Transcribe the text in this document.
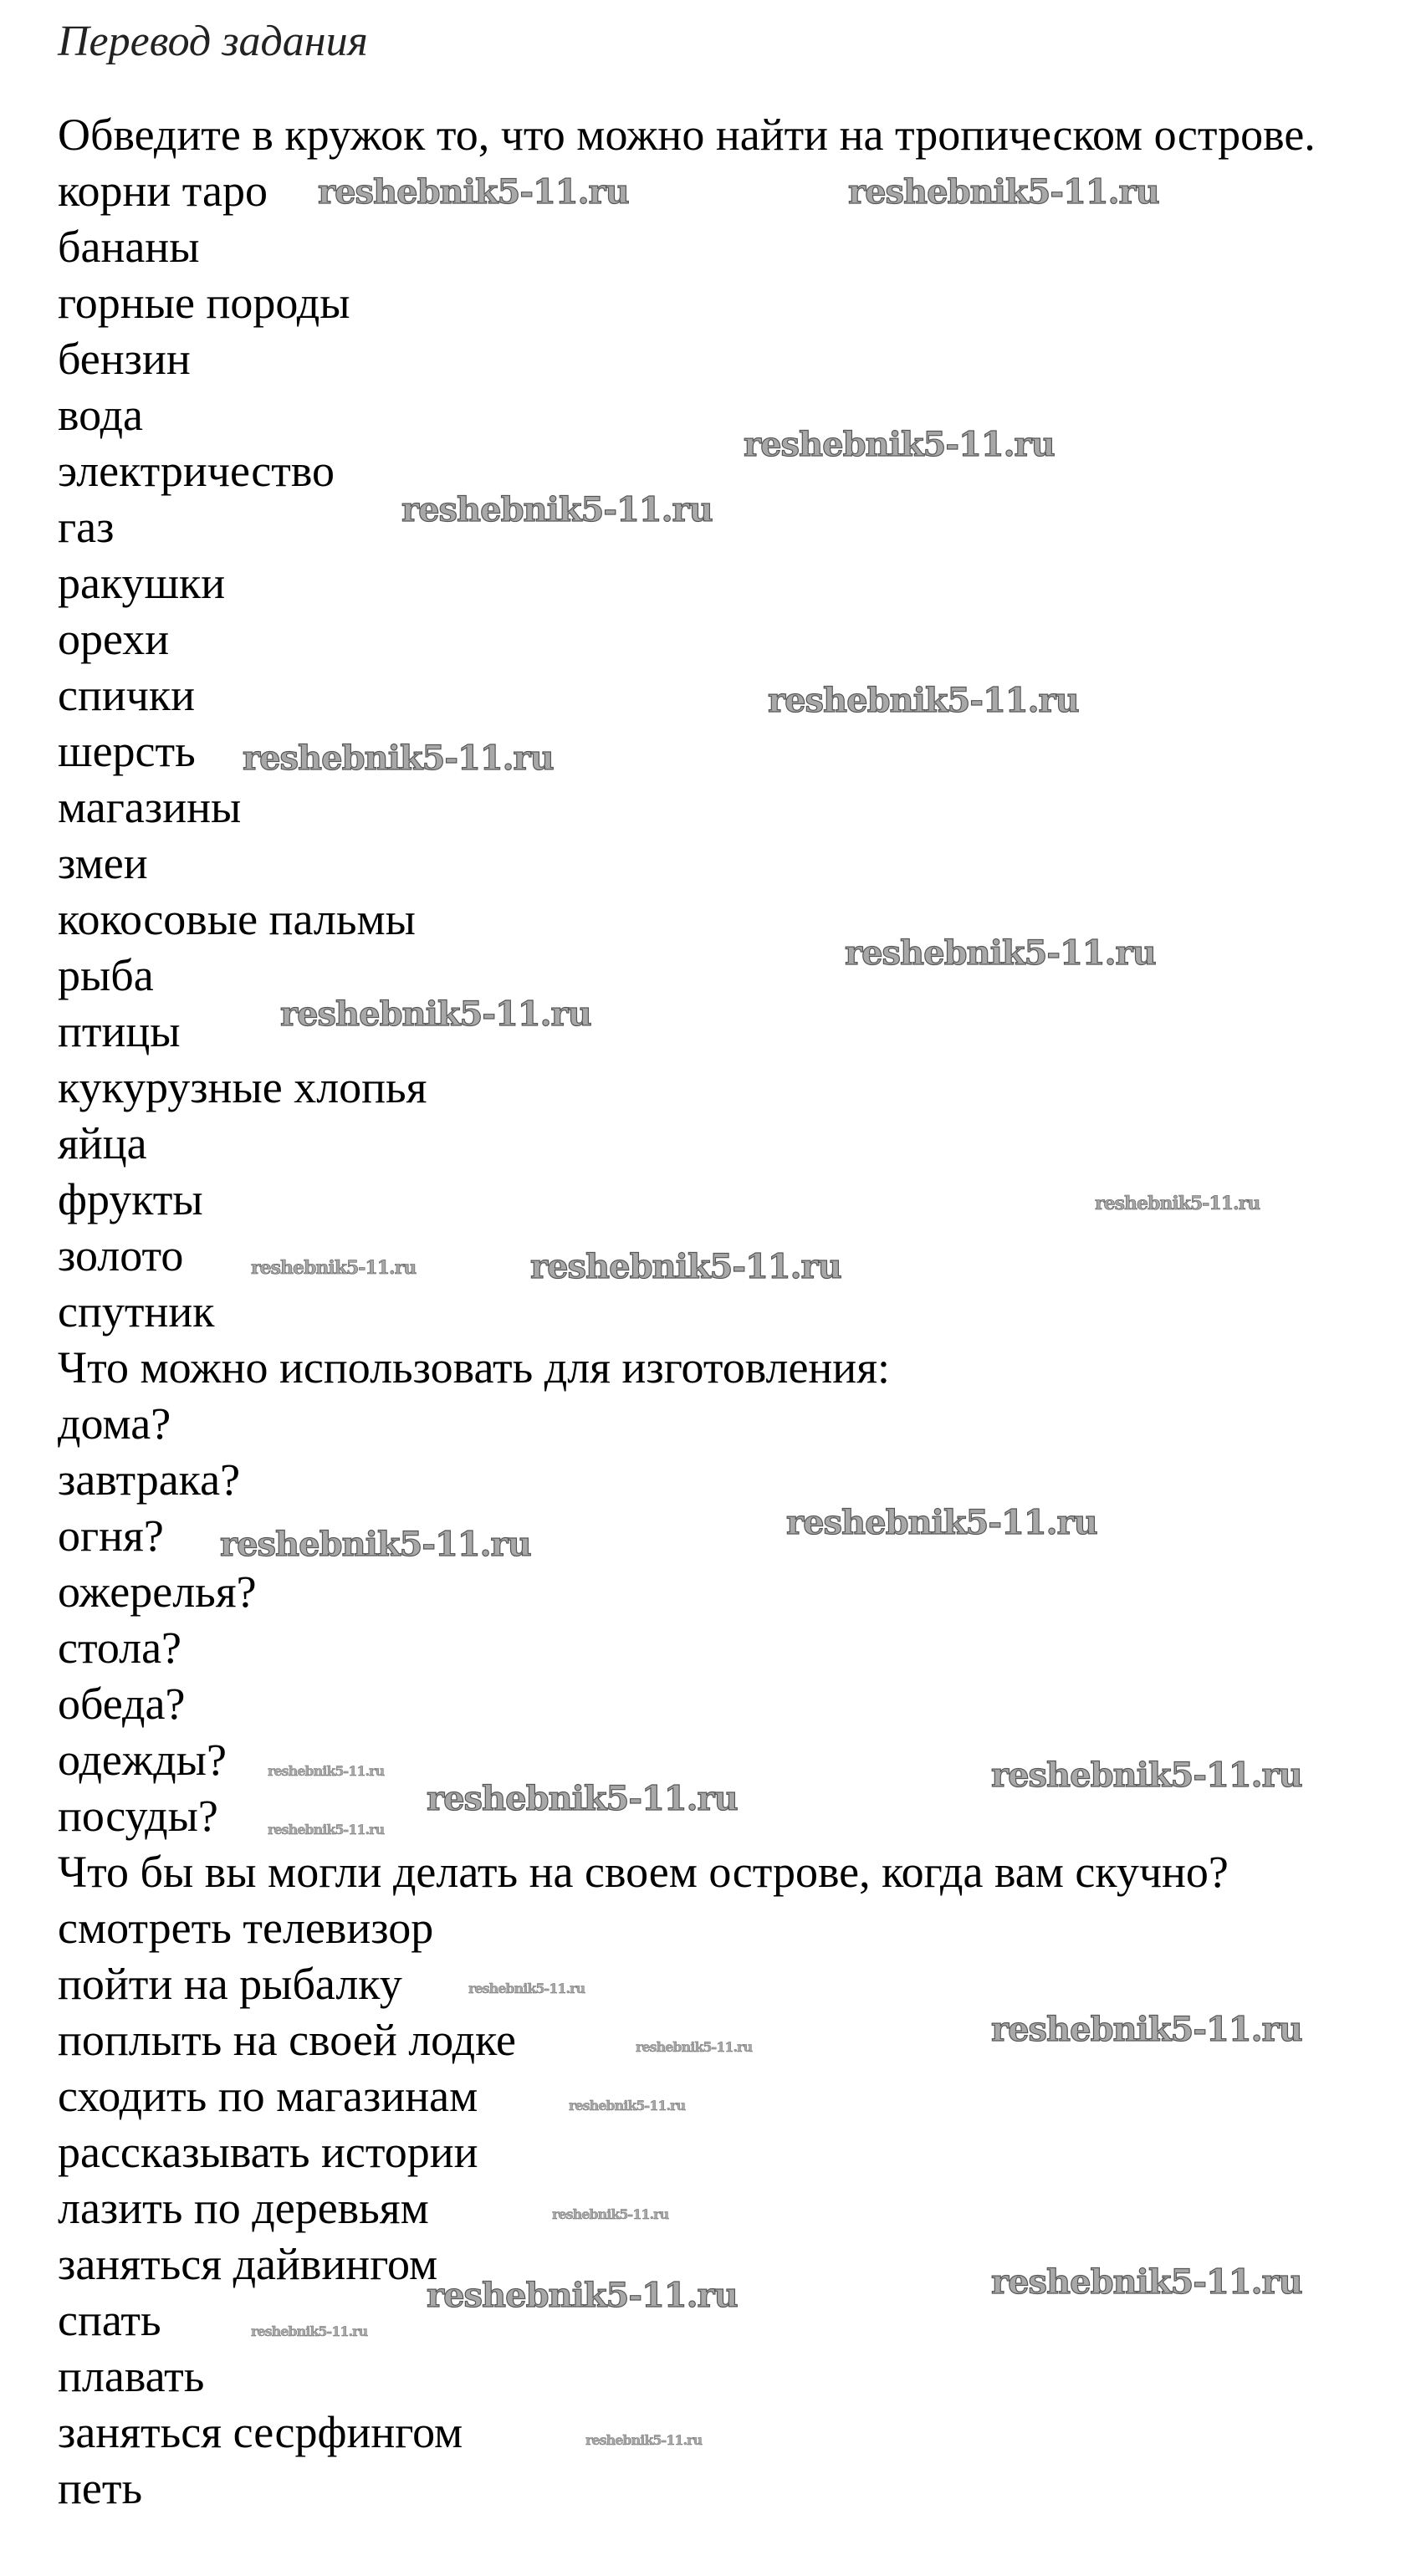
Перевод задания
Обведите в кружок то, что можно найти на тропическом острове.
корни таро
бананы
горные породы
бензин
вода
электричество
газ
ракушки
орехи
спички
шерсть
магазины
змеи
кокосовые пальмы
рыба
птицы
кукурузные хлопья
яйца
фрукты
золото
спутник
Что можно использовать для изготовления:
дома?
завтрака?
огня?
ожерелья?
стола?
обеда?
одежды?
посуды?
Что бы вы могли делать на своем острове, когда вам скучно?
смотреть телевизор
пойти на рыбалку
поплыть на своей лодке
сходить по магазинам
рассказывать истории
лазить по деревьям
заняться дайвингом
спать
плавать
заняться сесрфингом
петь
reshebnik5-11.ru	reshebnik5-11.ru
reshebnik5-11.ru
reshebnik5-11.ru
reshebnik5-11.ru
reshebnik5-11.ru
reshebnik5-11.ru
reshebnik5-11.ru
reshebnik5-11.ru
reshebnik5-11.ru
reshebnik5-11.ru
reshebnik5-11.ru
reshebnik5-11.ru
reshebnik5-11.ru
reshebnik5-11.ru
reshebnik5-11.ru
reshebnik5-11.ru
reshebnik5-11.ru
reshebnik5-11.ru
reshebnik5-11.ru
reshebnik5-11.ru
reshebnik5-11.ru
reshebnik5-11.ru
reshebnik5-11.ru
reshebnik5-11.ru
reshebnik5-11.ru
